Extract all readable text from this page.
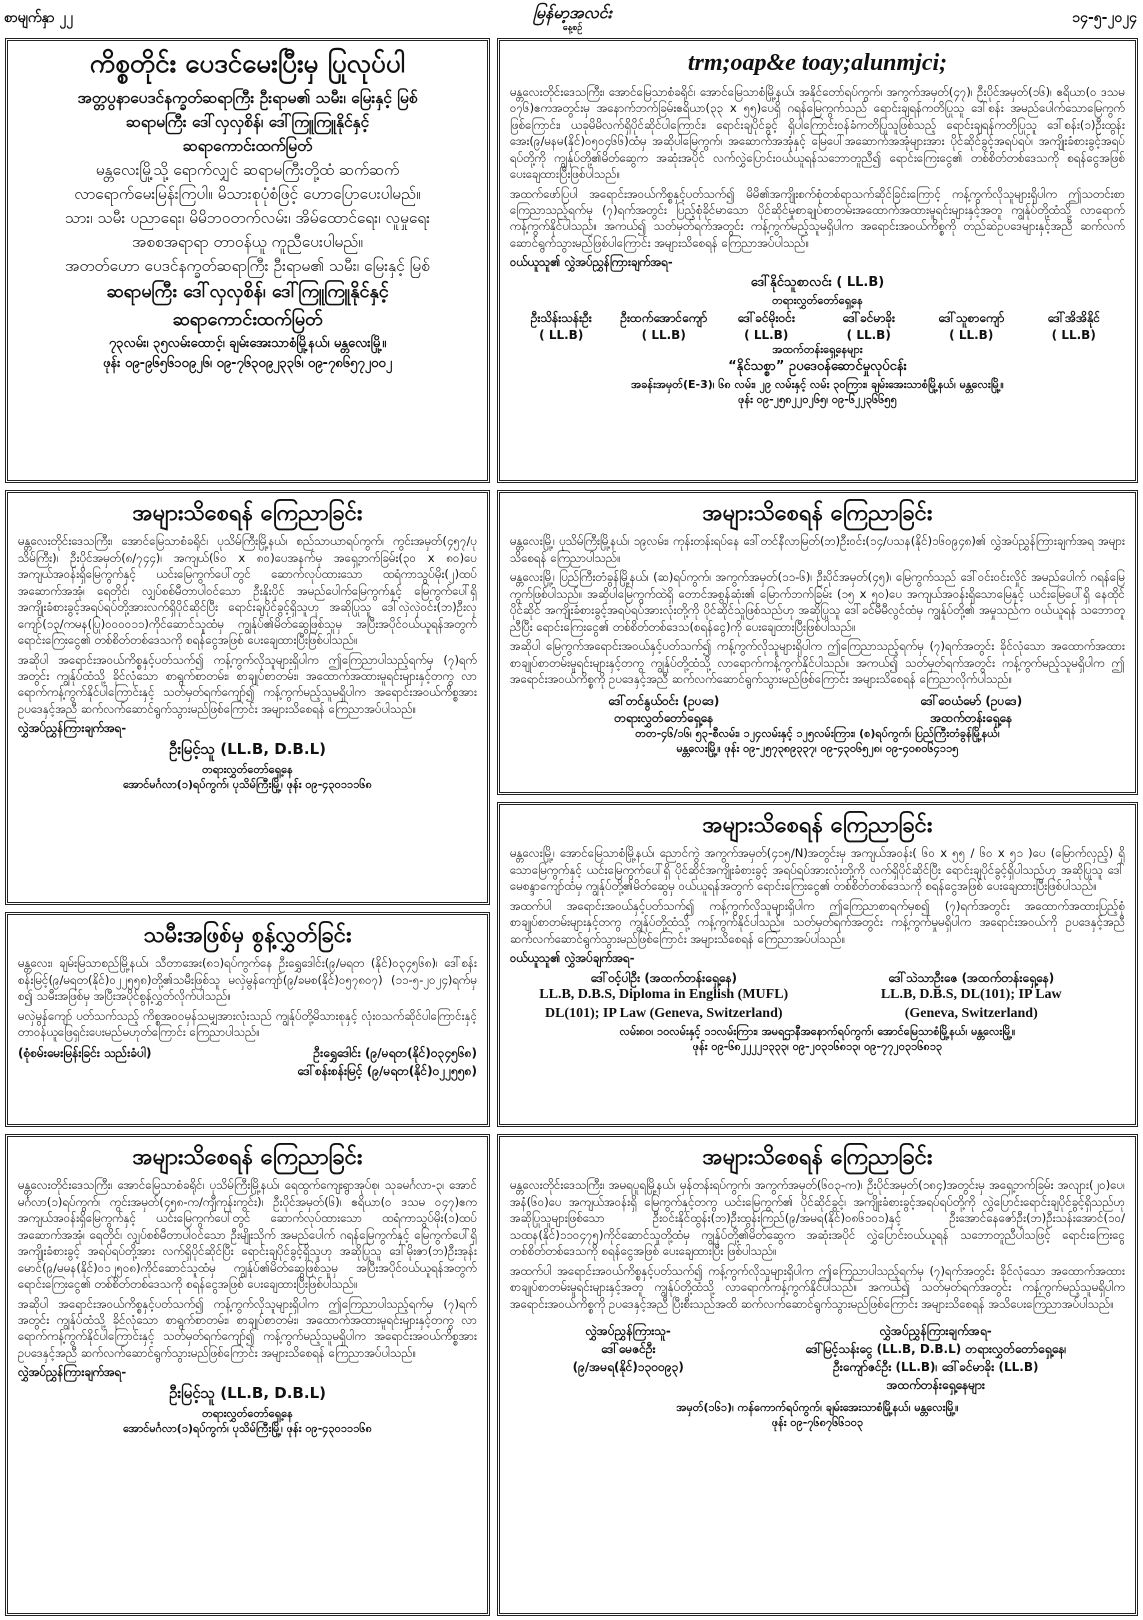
စာမျက်နှာ ၂၂	မြန်မာ့အလင်း
နေ့စဉ်
၁၄-၅-၂၀၂၄
ကိစ္စတိုင်း ပေဒင်မေးပြီးမှ ပြုလုပ်ပါ

အတ္တပွနာပေဒင်နက္ခတ်ဆရာကြီး ဦးရာမ၏ သမီး၊ မြေးနှင့် မြစ်

ဆရာမကြီး ဒေါ်လှလှစိန်၊ ဒေါ်ကြူကြူနိုင်နှင့်

ဆရာကောင်းထက်မြတ်

မန္တလေးမြို့သို့ ရောက်လျှင် ဆရာမကြီးတို့ထံ ဆက်ဆက်

လာရောက်မေးမြန်းကြပါ။ မိသားစုပုံစံဖြင့် ဟောပြောပေးပါမည်။

သား၊ သမီး ပညာရေး၊ မိမိဘဝတက်လမ်း၊ အိမ်ထောင်ရေး၊ လူမှုရေး

အစစအရာရာ တာဝန်ယူ ကူညီပေးပါမည်။

အတတ်ဟော ပေဒင်နက္ခတ်ဆရာကြီး ဦးရာမ၏ သမီး၊ မြေးနှင့် မြစ်

ဆရာမကြီး ဒေါ်လှလှစိန်၊ ဒေါ်ကြူကြူနိုင်နှင့်

ဆရာကောင်းထက်မြတ်

၇၃လမ်း၊ ၃၅လမ်းထောင့်၊ ချမ်းအေးသာစံမြို့နယ်၊ မန္တလေးမြို့။

ဖုန်း ၀၉-၉၆၅၆၁၀၉၂၆၊ ၀၉-၇၆၃၀၉၂၃၃၆၊ ၀၉-၇၈၆၅၇၂၀၀၂

trm;oap&e toay;alunmjci;

မန္တလေးတိုင်းဒေသကြီး၊ အောင်မြေသာစံခရိုင်၊ အောင်မြေသာစံမြို့နယ်၊ အနိုင်တော်ရပ်ကွက်၊ အကွက်အမှတ်(၄၇)၊ ဦးပိုင်အမှတ်(၁၆)၊ ဧရိယာ(၀ ဒသမ ၀၇၆)ဧကအတွင်းမှ အနောက်ဘက်ခြမ်းဧရိယာ(၃၃ x ၅၅)ပေရှိ ဂရန်မြေကွက်သည် ရောင်းချရန်ကတိပြုသူ ဒေါ်စန်း အမည်ပေါက်သောမြေကွက်ဖြစ်ကြောင်း၊ ယခုမိမိလက်ရှိပိုင်ဆိုင်ပါကြောင်း၊ ရောင်းချပိုင်ခွင့် ရှိပါကြောင်းဝန်ခံကတိပြုသူဖြစ်သည့် ရောင်းချရန်ကတိပြုသူ ဒေါ်စန်း(၁)ဦးထွန်းအေး(၉/မနမ(နိုင်)၀၅၀၄၆၆)ထံမှ အဆိုပါမြေကွက်၊ အဆောက်အအုံနှင့် မြေပေါ်အဆောက်အအုံများအား ပိုင်ဆိုင်ခွင့်အရပ်ရပ်၊ အကျိုးခံစားခွင့်အရပ်ရပ်တို့ကို ကျွန်ုပ်တို့၏မိတ်ဆွေက အဆုံးအပိုင် လက်လွှဲပြောင်းဝယ်ယူရန်သဘောတူညီ၍ ရောင်းကြေးငွေ၏ တစ်စိတ်တစ်ဒေသကို စရန်ငွေအဖြစ် ပေးချေထားပြီးဖြစ်ပါသည်။

အထက်ဖော်ပြပါ အရောင်းအဝယ်ကိစ္စနှင့်ပတ်သက်၍ မိမိ၏အကျိုးစက်စုံတစ်ရာသက်ဆိုင်ခြင်းကြောင့် ကန့်ကွက်လိုသူများရှိပါက ဤသတင်းစာကြေညာသည့်ရက်မှ (၇)ရက်အတွင်း ပြည့်စုံခိုင်မာသော ပိုင်ဆိုင်မှုစာချုပ်စာတမ်းအထောက်အထားမူရင်းများနှင့်အတူ ကျွန်ုပ်တို့ထံသို့ လာရောက်ကန့်ကွက်နိုင်ပါသည်။ အကယ်၍ သတ်မှတ်ရက်အတွင်း ကန့်ကွက်မည့်သူမရှိပါက အရောင်းအဝယ်ကိစ္စကို တည်ဆဲဥပဒေများနှင့်အညီ ဆက်လက်ဆောင်ရွက်သွားမည်ဖြစ်ပါကြောင်း အများသိစေရန် ကြေညာအပ်ပါသည်။

ဝယ်ယူသူ၏ လွှဲအပ်ညွှန်ကြားချက်အရ-

ဒေါ်နိုင်သူစာလင်း ( LL.B)
တရားလွှတ်တော်ရှေ့နေ
ဦးသိန်းသန်းဦး
( LL.B)
ဦးထက်အောင်ကျော်
( LL.B)
ဒေါ်ခင်မိုးဝင်း
( LL.B)
ဒေါ်ခင်မာခိုး
( LL.B)
ဒေါ်သူစာကျော်
( LL.B)
ဒေါ်အိအိနိုင်
( LL.B)
အထက်တန်းရှေ့နေများ
“နိုင်သစ္စာ” ဥပဒေဝန်ဆောင်မှုလုပ်ငန်း
အခန်းအမှတ်(E-3)၊ ၆၈ လမ်း၊ ၂၉ လမ်းနှင့် လမ်း ၃၀ကြား၊ ချမ်းအေးသာစံမြို့နယ်၊ မန္တလေးမြို့။
ဖုန်း ၀၉-၂၅၈၂၂၀၂၆၅၊ ၀၉-၆၂၂၃၆၆၅၅
အများသိစေရန် ကြေညာခြင်း

မန္တလေးတိုင်းဒေသကြီး၊ အောင်မြေသာစံခရိုင်၊ ပုသိမ်ကြီးမြို့နယ်၊ စည်သာယာရပ်ကွက်၊ ကွင်းအမှတ်(၄၅၇/ပုသိမ်ကြီး)၊ ဦးပိုင်အမှတ်(၈/၇၄၄)၊ အကျယ်(၆၀ x ၈၀)ပေအနက်မှ အရှေ့ဘက်ခြမ်း(၃၀ x ၈၀)ပေ အကျယ်အဝန်းရှိမြေကွက်နှင့် ယင်းမြေကွက်ပေါ်တွင် ဆောက်လုပ်ထားသော ထရံကာသွပ်မိုး(၂)ထပ် အဆောက်အအုံ၊ ရေတိုင်၊ လျှပ်စစ်မီတာပါဝင်သော ဦးနိုးပိုင် အမည်ပေါက်မြေကွက်နှင့် မြေကွက်ပေါ်ရှိ အကျိုးခံစားခွင့်အရပ်ရပ်တို့အားလက်ရှိပိုင်ဆိုင်ပြီး ရောင်းချပိုင်ခွင့်ရှိသူဟု အဆိုပြုသူ ဒေါ်လှဲလှဲဝင်း(ဘ)ဦးလှကျော်(၁၃/ကမန(ပြု)၀၀၀၀၁၁)ကိုင်ဆောင်သူထံမှ ကျွန်ုပ်၏မိတ်ဆွေဖြစ်သူမှ အပြီးအပိုင်ဝယ်ယူရန်အတွက် ရောင်းကြေးငွေ၏ တစ်စိတ်တစ်ဒေသကို စရန်ငွေအဖြစ် ပေးချေထားပြီးဖြစ်ပါသည်။

အဆိုပါ အရောင်းအဝယ်ကိစ္စနှင့်ပတ်သက်၍ ကန့်ကွက်လိုသူများရှိပါက ဤကြေညာပါသည့်ရက်မှ (၇)ရက်အတွင်း ကျွန်ုပ်ထံသို့ ခိုင်လုံသော စာရွက်စာတမ်း၊ စာချုပ်စာတမ်း၊ အထောက်အထားမူရင်းများနှင့်တကွ လာရောက်ကန့်ကွက်နိုင်ပါကြောင်းနှင့် သတ်မှတ်ရက်ကျော်၍ ကန့်ကွက်မည့်သူမရှိပါက အရောင်းအဝယ်ကိစ္စအား ဥပဒေနှင့်အညီ ဆက်လက်ဆောင်ရွက်သွားမည်ဖြစ်ကြောင်း အများသိစေရန် ကြေညာအပ်ပါသည်။

လွှဲအပ်ညွှန်ကြားချက်အရ-

ဦးမြင့်သူ (LL.B, D.B.L)
တရားလွှတ်တော်ရှေ့နေ
အောင်မင်္ဂလာ(၁)ရပ်ကွက်၊ ပုသိမ်ကြီးမြို့၊ ဖုန်း ၀၉-၄၃၀၁၁၁၆၈
အများသိစေရန် ကြေညာခြင်း

မန္တလေးမြို့၊ ပုသိမ်ကြီးမြို့နယ်၊ ၁၉လမ်း၊ ကုန်းတန်းရပ်နေ ဒေါ်တင်နီလာမြတ်(ဘ)ဦးဝင်း(၁၄/ပသန(နိုင်)၁၆၀၉၄၈)၏ လွှဲအပ်ညွှန်ကြားချက်အရ အများသိစေရန် ကြေညာပါသည်။

မန္တလေးမြို့၊ ပြည်ကြီးတံခွန်မြို့နယ်၊ (ဆ)ရပ်ကွက်၊ အကွက်အမှတ်(၁၁-၆)၊ ဦးပိုင်အမှတ်(၄၅)၊ မြေကွက်သည် ဒေါ်ဝင်းဝင်းလှိုင် အမည်ပေါက် ဂရန်မြေကွက်ဖြစ်ပါသည်။ အဆိုပါမြေကွက်ထဲရှိ တောင်အစွန်ဆုံး၏ မြောက်ဘက်ခြမ်း (၁၅ x ၅၀)ပေ အကျယ်အဝန်းရှိသောမြေနှင့် ယင်းမြေပေါ်ရှိ နေထိုင်ပိုင်ဆိုင် အကျိုးခံစားခွင့်အရပ်ရပ်အားလုံးတို့ကို ပိုင်ဆိုင်သူဖြစ်သည်ဟု အဆိုပြုသူ ဒေါ်ခင်မီမီလွင်ထံမှ ကျွန်ုပ်တို့၏ အမှုသည်က ဝယ်ယူရန် သဘောတူညီပြီး ရောင်းကြေးငွေ၏ တစ်စိတ်တစ်ဒေသ(စရန်ငွေ)ကို ပေးချေထားပြီးဖြစ်ပါသည်။

အဆိုပါ မြေကွက်အရောင်းအဝယ်နှင့်ပတ်သက်၍ ကန့်ကွက်လိုသူများရှိပါက ဤကြေညာသည့်ရက်မှ (၇)ရက်အတွင်း ခိုင်လုံသော အထောက်အထားစာချုပ်စာတမ်းမူရင်းများနှင့်တကွ ကျွန်ုပ်တို့ထံသို့ လာရောက်ကန့်ကွက်နိုင်ပါသည်။ အကယ်၍ သတ်မှတ်ရက်အတွင်း ကန့်ကွက်မည့်သူမရှိပါက ဤအရောင်းအဝယ်ကိစ္စကို ဥပဒေနှင့်အညီ ဆက်လက်ဆောင်ရွက်သွားမည်ဖြစ်ကြောင်း အများသိစေရန် ကြေညာလိုက်ပါသည်။

ဒေါ်တင်နွယ်ဝင်း (ဥပဒေ)
တရားလွှတ်တော်ရှေ့နေ
ဒေါ်ဝေယံမော် (ဥပဒေ)
အထက်တန်းရှေ့နေ
တတ-၄၆/၁၆၊ ၅၃-စီလမ်း၊ ၁၂၄လမ်းနှင့် ၁၂၅လမ်းကြား၊ (စ)ရပ်ကွက်၊ ပြည်ကြီးတံခွန်မြို့နယ်၊
မန္တလေးမြို့။ ဖုန်း ၀၉-၂၅၇၃၈၉၃၃၇၊ ၀၉-၄၃၀၆၅၂၈၊ ၀၉-၄၀၈၀၆၄၁၁၅
အများသိစေရန် ကြေညာခြင်း

မန္တလေးမြို့၊ အောင်မြေသာစံမြို့နယ်၊ ညောင်ကွဲ အကွက်အမှတ်(၄၁၅/N)အတွင်းမှ အကျယ်အဝန်း( ၆၀ x ၅၅ / ၆၀ x ၅၁ )ပေ (မြောက်လှည့်) ရှိသောမြေကွက်နှင့် ယင်းမြေကွက်ပေါ်ရှိ ပိုင်ဆိုင်အကျိုးခံစားခွင့် အရပ်ရပ်အားလုံးတို့ကို လက်ရှိပိုင်ဆိုင်ပြီး ရောင်းချပိုင်ခွင့်ရှိပါသည်ဟု အဆိုပြုသူ ဒေါ်မေစန္ဒာကျော်ထံမှ ကျွန်ုပ်တို့၏မိတ်ဆွေမှ ဝယ်ယူရန်အတွက် ရောင်းကြေးငွေ၏ တစ်စိတ်တစ်ဒေသကို စရန်ငွေအဖြစ် ပေးချေထားပြီးဖြစ်ပါသည်။

အထက်ပါ အရောင်းအဝယ်နှင့်ပတ်သက်၍ ကန့်ကွက်လိုသူများရှိပါက ဤကြေညာစာရက်မှစ၍ (၇)ရက်အတွင်း အထောက်အထားပြည့်စုံ စာချုပ်စာတမ်းများနှင့်တကွ ကျွန်ုပ်တို့ထံသို့ ကန့်ကွက်နိုင်ပါသည်။ သတ်မှတ်ရက်အတွင်း ကန့်ကွက်မှုမရှိပါက အရောင်းအဝယ်ကို ဥပဒေနှင့်အညီ ဆက်လက်ဆောင်ရွက်သွားမည်ဖြစ်ကြောင်း အများသိစေရန် ကြေညာအပ်ပါသည်။

ဝယ်ယူသူ၏ လွှဲအပ်ချက်အရ-

ဒေါ်ဝင့်ပါဦး (အထက်တန်းရှေ့နေ)
LL.B, D.B.S, Diploma in English (MUFL)
DL(101); IP Law (Geneva, Switzerland)
ဒေါ်သဲသာဦးဇေ (အထက်တန်းရှေ့နေ)
LL.B, D.B.S, DL(101); IP Law
(Geneva, Switzerland)
လမ်း၈၀၊ ၁၀လမ်းနှင့် ၁၁လမ်းကြား၊ အမရဌာနီအနောက်ရပ်ကွက်၊ အောင်မြေသာစံမြို့နယ်၊ မန္တလေးမြို့။
ဖုန်း ၀၉-၆၈၂၂၂၂၁၃၃၃၊ ၀၉-၂၀၃၁၆၈၁၃၊ ၀၉-၇၇၂၀၃၁၆၈၁၃
သမီးအဖြစ်မှ စွန့်လွှတ်ခြင်း

မန္တလေး၊ ချမ်းမြသာစည်မြို့နယ်၊ သီတာအေး(၈၁)ရပ်ကွက်နေ ဦးရွှေဒေါင်း(၉/မရတ (နိုင်)၀၃၄၅၆၈)၊ ဒေါ်စန်းစန်းမြင့်(၉/မရတ(နိုင်)၀၂၂၅၅၈)တို့၏သမီးဖြစ်သူ မလှဲမွန်ကျော်(၉/ခမစ(နိုင်)၀၅၇၈၀၇) (၁၁-၅-၂၀၂၄)ရက်မှစ၍ သမီးအဖြစ်မှ အပြီးအပိုင်စွန့်လွှတ်လိုက်ပါသည်။

မလှဲမွန်ကျော် ပတ်သက်သည့် ကိစ္စအဝဝမှန်သမျှအားလုံးသည် ကျွန်ုပ်တို့မိသားစုနှင့် လုံးဝသက်ဆိုင်ပါကြောင်းနှင့် တာဝန်ယူဖြေရှင်းပေးမည်မဟုတ်ကြောင်း ကြေညာပါသည်။

(စုံစမ်းမေးမြန်းခြင်း သည်းခံပါ)	ဦးရွှေဒေါင်း (၉/မရတ(နိုင်)၀၃၄၅၆၈)
ဒေါ်စန်းစန်းမြင့် (၉/မရတ(နိုင်)၀၂၂၅၅၈)
အများသိစေရန် ကြေညာခြင်း

မန္တလေးတိုင်းဒေသကြီး၊ အောင်မြေသာစံခရိုင်၊ ပုသိမ်ကြီးမြို့နယ်၊ ရေထွက်ကျေးရွာအုပ်စု၊ သုခမင်္ဂလာ-၃၊ အောင်မင်္ဂလာ(၁)ရပ်ကွက်၊ ကွင်းအမှတ်(၄၅၈-က/ကျီကုန်းကွင်း)၊ ဦးပိုင်အမှတ်(၆)၊ ဧရိယာ(၀ ဒသမ ၀၄၇)ဧက အကျယ်အဝန်းရှိမြေကွက်နှင့် ယင်းမြေကွက်ပေါ်တွင် ဆောက်လုပ်ထားသော ထရံကာသွပ်မိုး(၁)ထပ် အဆောက်အအုံ၊ ရေတိုင်၊ လျှပ်စစ်မီတာပါဝင်သော ဦးမျိုးသိုက် အမည်ပေါက် ဂရန်မြေကွက်နှင့် မြေကွက်ပေါ်ရှိ အကျိုးခံစားခွင့် အရပ်ရပ်တို့အား လက်ရှိပိုင်ဆိုင်ပြီး ရောင်းချပိုင်ခွင့်ရှိသူဟု အဆိုပြုသူ ဒေါ်မိုးဇာ(ဘ)ဦးအုန်းမောင်(၉/မမန(နိုင်)၀၁၂၅၀၈)ကိုင်ဆောင်သူထံမှ ကျွန်ုပ်၏မိတ်ဆွေဖြစ်သူမှ အပြီးအပိုင်ဝယ်ယူရန်အတွက် ရောင်းကြေးငွေ၏ တစ်စိတ်တစ်ဒေသကို စရန်ငွေအဖြစ် ပေးချေထားပြီးဖြစ်ပါသည်။

အဆိုပါ အရောင်းအဝယ်ကိစ္စနှင့်ပတ်သက်၍ ကန့်ကွက်လိုသူများရှိပါက ဤကြေညာပါသည့်ရက်မှ (၇)ရက်အတွင်း ကျွန်ုပ်ထံသို့ ခိုင်လုံသော စာရွက်စာတမ်း၊ စာချုပ်စာတမ်း၊ အထောက်အထားမူရင်းများနှင့်တကွ လာရောက်ကန့်ကွက်နိုင်ပါကြောင်းနှင့် သတ်မှတ်ရက်ကျော်၍ ကန့်ကွက်မည့်သူမရှိပါက အရောင်းအဝယ်ကိစ္စအား ဥပဒေနှင့်အညီ ဆက်လက်ဆောင်ရွက်သွားမည်ဖြစ်ကြောင်း အများသိစေရန် ကြေညာအပ်ပါသည်။

လွှဲအပ်ညွှန်ကြားချက်အရ-

ဦးမြင့်သူ (LL.B, D.B.L)
တရားလွှတ်တော်ရှေ့နေ
အောင်မင်္ဂလာ(၁)ရပ်ကွက်၊ ပုသိမ်ကြီးမြို့၊ ဖုန်း ၀၉-၄၃၀၁၁၁၆၈
အများသိစေရန် ကြေညာခြင်း

မန္တလေးတိုင်းဒေသကြီး၊ အမရပူရမြို့နယ်၊ မှန်တန်းရပ်ကွက်၊ အကွက်အမှတ်(၆၀၃-က)၊ ဦးပိုင်အမှတ်(၁၈၄)အတွင်းမှ အရှေ့ဘက်ခြမ်း အလျား(၂၀)ပေ၊ အနံ(၆၀)ပေ အကျယ်အဝန်းရှိ မြေကွက်နှင့်တကွ ယင်းမြေကွက်၏ ပိုင်ဆိုင်ခွင့်၊ အကျိုးခံစားခွင့်အရပ်ရပ်တို့ကို လွှဲပြောင်းရောင်းချပိုင်ခွင့်ရှိသည်ဟု အဆိုပြုသူများဖြစ်သော ဦးဝင်းနိုင်ထွန်း(ဘ)ဦးထွန်းကြည်(၉/အမရ(နိုင်)၀၈၆၁၀၁)နှင့် ဦးအောင်နေဇော်ဦး(ဘ)ဦးသန်းအောင်(၁၀/သထန(နိုင်)၁၁၀၄၇၅)ကိုင်ဆောင်သူတို့ထံမှ ကျွန်ုပ်တို့၏မိတ်ဆွေက အဆုံးအပိုင် လွှဲပြောင်းဝယ်ယူရန် သဘောတူညီပါသဖြင့် ရောင်းကြေးငွေ တစ်စိတ်တစ်ဒေသကို စရန်ငွေအဖြစ် ပေးချေထားပြီး ဖြစ်ပါသည်။

အထက်ပါ အရောင်းအဝယ်ကိစ္စနှင့်ပတ်သက်၍ ကန့်ကွက်လိုသူများရှိပါက ဤကြေညာပါသည့်ရက်မှ (၇)ရက်အတွင်း ခိုင်လုံသော အထောက်အထား စာချုပ်စာတမ်းမူရင်းများနှင့်အတူ ကျွန်ုပ်တို့ထံသို့ လာရောက်ကန့်ကွက်နိုင်ပါသည်။ အကယ်၍ သတ်မှတ်ရက်အတွင်း ကန့်ကွက်မည့်သူမရှိပါက အရောင်းအဝယ်ကိစ္စကို ဥပဒေနှင့်အညီ ပြီးစီးသည်အထိ ဆက်လက်ဆောင်ရွက်သွားမည်ဖြစ်ကြောင်း အများသိစေရန် အသိပေးကြေညာအပ်ပါသည်။

လွှဲအပ်ညွှန်ကြားသူ-
ဒေါ်မေဇင်ဦး
(၉/အမရ(နိုင်)၁၃၀၀၉၃)
လွှဲအပ်ညွှန်ကြားချက်အရ-
ဒေါ်မြင့်သန်းငွေ (LL.B, D.B.L) တရားလွှတ်တော်ရှေ့နေ၊
ဦးကျော်ဇင်ဦး (LL.B)၊ ဒေါ်ခင်မာခိုး (LL.B)
အထက်တန်းရှေ့နေများ
အမှတ်(၁၆၁)၊ ကန်ကောက်ရပ်ကွက်၊ ချမ်းအေးသာစံမြို့နယ်၊ မန္တလေးမြို့။
ဖုန်း ၀၉-၇၆၈၇၆၆၁၀၃
